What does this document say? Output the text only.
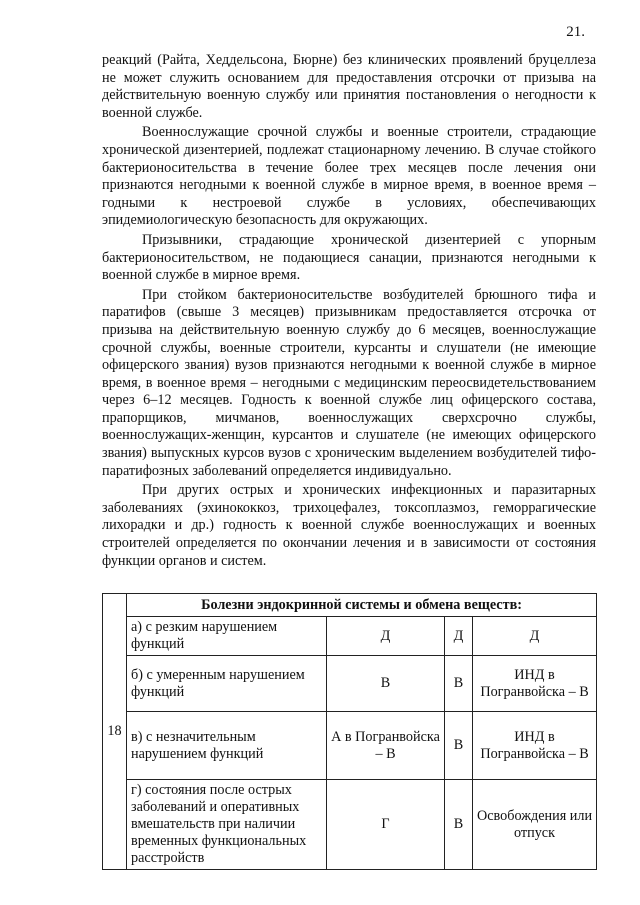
21.

реакций (Райта, Хеддельсона, Бюрне) без клинических проявлений бруцеллеза не может служить основанием для предоставления отсрочки от призыва на действительную военную службу или принятия постановления о негодности к военной службе.

Военнослужащие срочной службы и военные строители, страдающие хронической дизентерией, подлежат стационарному лечению. В случае стойкого бактерионосительства в течение более трех месяцев после лечения они признаются негодными к военной службе в мирное время, в военное время – годными к нестроевой службе в условиях, обеспечивающих эпидемиологическую безопасность для окружающих.

Призывники, страдающие хронической дизентерией с упорным бактерионосительством, не подающиеся санации, признаются негодными к военной службе в мирное время.

При стойком бактерионосительстве возбудителей брюшного тифа и паратифов (свыше 3 месяцев) призывникам предоставляется отсрочка от призыва на действительную военную службу до 6 месяцев, военнослужащие срочной службы, военные строители, курсанты и слушатели (не имеющие офицерского звания) вузов признаются негодными к военной службе в мирное время, в военное время – негодными с медицинским переосвидетельствованием через 6–12 месяцев. Годность к военной службе лиц офицерского состава, прапорщиков, мичманов, военнослужащих сверхсрочно службы, военнослужащих-женщин, курсантов и слушателе (не имеющих офицерского звания) выпускных курсов вузов с хроническим выделением возбудителей тифо-паратифозных заболеваний определяется индивидуально.

При других острых и хронических инфекционных и паразитарных заболеваниях (эхинококкоз, трихоцефалез, токсоплазмоз, геморрагические лихорадки и др.) годность к военной службе военнослужащих и военных строителей определяется по окончании лечения и в зависимости от состояния функции органов и систем.

18	Болезни эндокринной системы и обмена веществ:			
	а) с резким нарушением функций	Д	Д	Д
	б) с умеренным нарушением функций	В	В	ИНД в Погранвойска – В
	в) с незначительным нарушением функций	А в Погранвойска – В	В	ИНД в Погранвойска – В
	г) состояния после острых заболеваний и оперативных вмешательств при наличии временных функциональных расстройств	Г	В	Освобождения или отпуск
